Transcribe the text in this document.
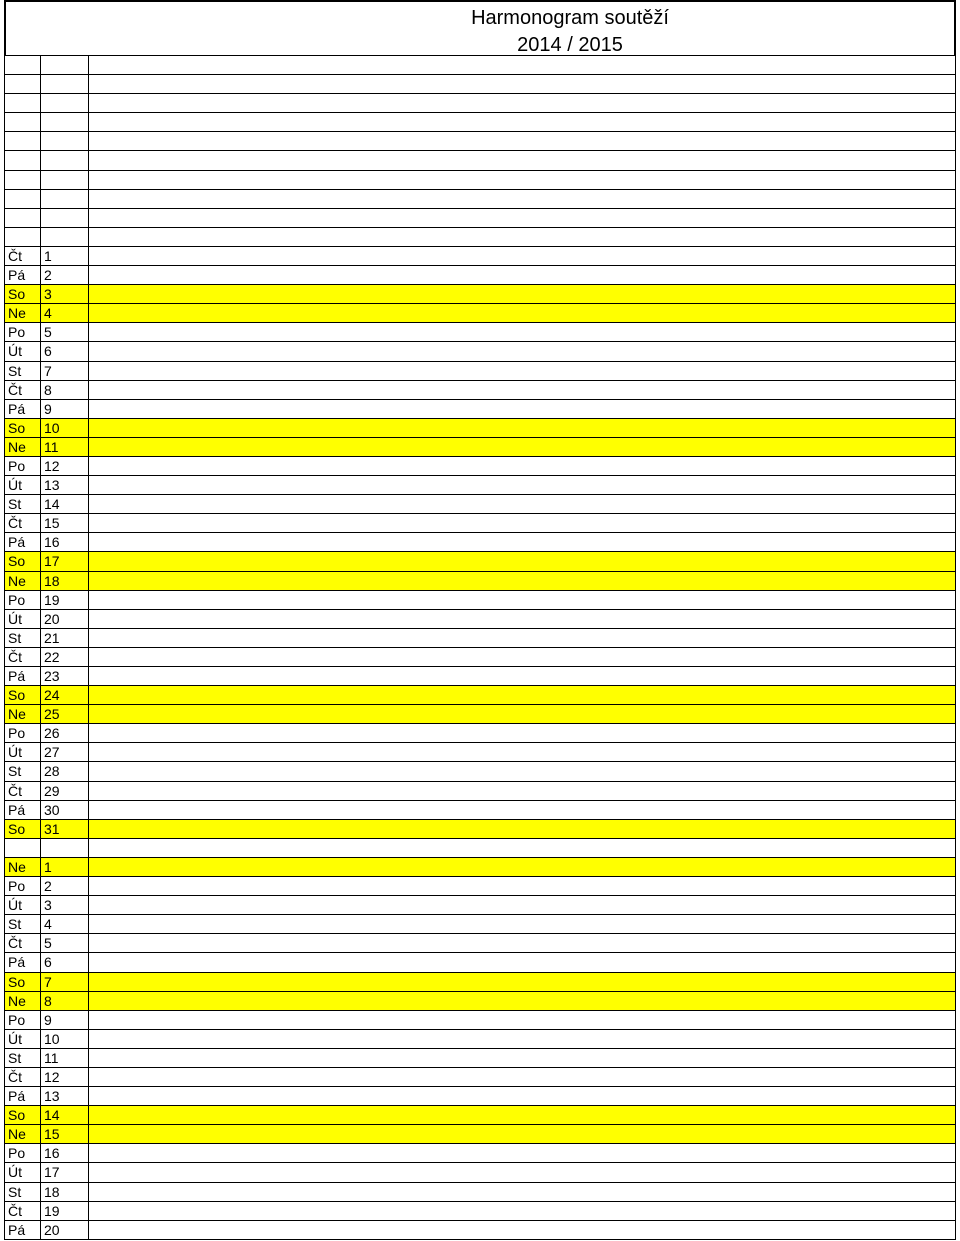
Harmonogram soutěží
2014 / 2015
Čt	1
Pá	2
So	3
Ne	4
Po	5
Út	6
St	7
Čt	8
Pá	9
So	10
Ne	11
Po	12
Út	13
St	14
Čt	15
Pá	16
So	17
Ne	18
Po	19
Út	20
St	21
Čt	22
Pá	23
So	24
Ne	25
Po	26
Út	27
St	28
Čt	29
Pá	30
So	31
Ne	1
Po	2
Út	3
St	4
Čt	5
Pá	6
So	7
Ne	8
Po	9
Út	10
St	11
Čt	12
Pá	13
So	14
Ne	15
Po	16
Út	17
St	18
Čt	19
Pá	20
